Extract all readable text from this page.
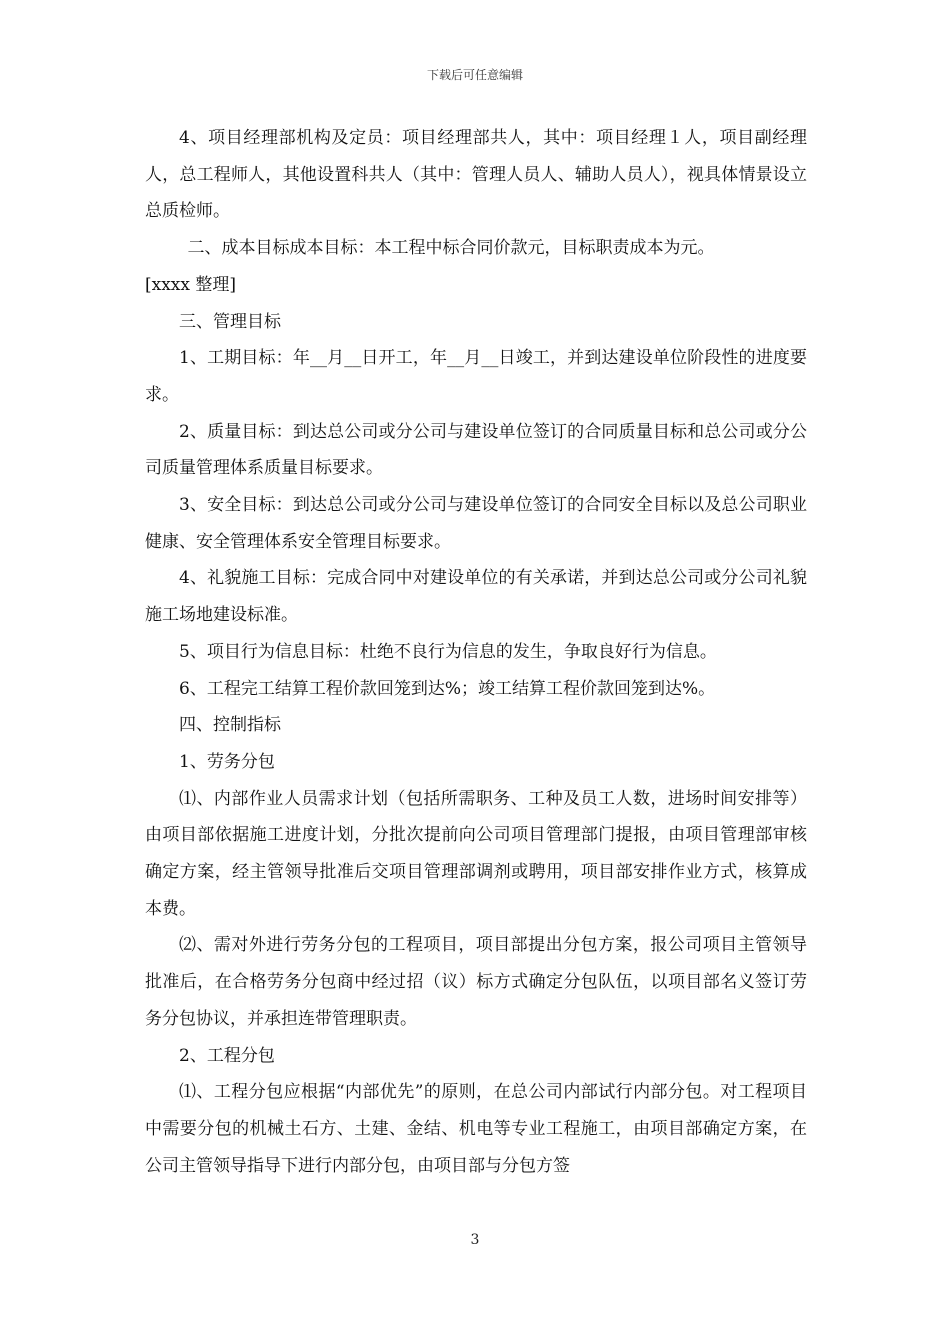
下载后可任意编辑

4、项目经理部机构及定员：项目经理部共人，其中：项目经理１人，项目副经理人，总工程师人，其他设置科共人（其中：管理人员人、辅助人员人），视具体情景设立总质检师。

二、成本目标成本目标：本工程中标合同价款元，目标职责成本为元。

[xxxx 整理]

三、管理目标

1、工期目标：年__月__日开工，年__月__日竣工，并到达建设单位阶段性的进度要求。

2、质量目标：到达总公司或分公司与建设单位签订的合同质量目标和总公司或分公司质量管理体系质量目标要求。

3、安全目标：到达总公司或分公司与建设单位签订的合同安全目标以及总公司职业健康、安全管理体系安全管理目标要求。

4、礼貌施工目标：完成合同中对建设单位的有关承诺，并到达总公司或分公司礼貌施工场地建设标准。

5、项目行为信息目标：杜绝不良行为信息的发生，争取良好行为信息。

6、工程完工结算工程价款回笼到达%；竣工结算工程价款回笼到达%。

四、控制指标

1、劳务分包

⑴、内部作业人员需求计划（包括所需职务、工种及员工人数，进场时间安排等）由项目部依据施工进度计划，分批次提前向公司项目管理部门提报，由项目管理部审核确定方案，经主管领导批准后交项目管理部调剂或聘用，项目部安排作业方式，核算成本费。

⑵、需对外进行劳务分包的工程项目，项目部提出分包方案，报公司项目主管领导批准后，在合格劳务分包商中经过招（议）标方式确定分包队伍，以项目部名义签订劳务分包协议，并承担连带管理职责。

2、工程分包

⑴、工程分包应根据“内部优先”的原则，在总公司内部试行内部分包。对工程项目中需要分包的机械土石方、土建、金结、机电等专业工程施工，由项目部确定方案，在公司主管领导指导下进行内部分包，由项目部与分包方签

3
